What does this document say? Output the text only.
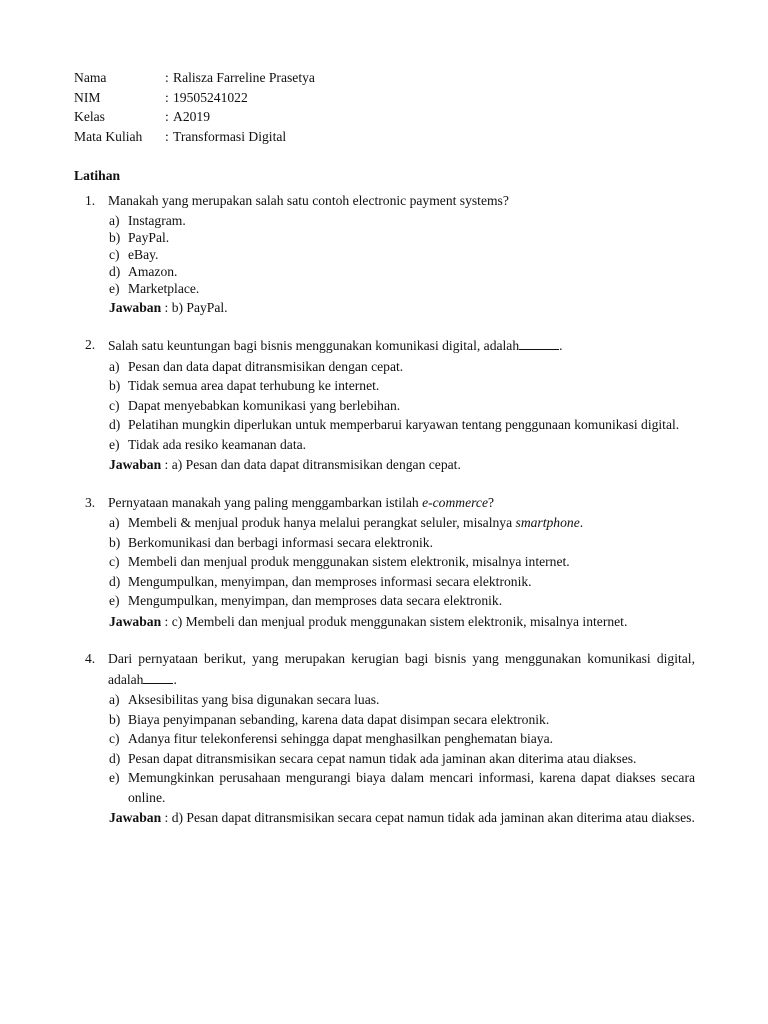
Nama	: Ralisza Farreline Prasetya
NIM	: 19505241022
Kelas	: A2019
Mata Kuliah	: Transformasi Digital
Latihan
1. Manakah yang merupakan salah satu contoh electronic payment systems?
a) Instagram.
b) PayPal.
c) eBay.
d) Amazon.
e) Marketplace.
Jawaban : b) PayPal.
2. Salah satu keuntungan bagi bisnis menggunakan komunikasi digital, adalah	.
a) Pesan dan data dapat ditransmisikan dengan cepat.
b) Tidak semua area dapat terhubung ke internet.
c) Dapat menyebabkan komunikasi yang berlebihan.
d) Pelatihan mungkin diperlukan untuk memperbarui karyawan tentang penggunaan komunikasi digital.
e) Tidak ada resiko keamanan data.
Jawaban : a) Pesan dan data dapat ditransmisikan dengan cepat.
3. Pernyataan manakah yang paling menggambarkan istilah e-commerce?
a) Membeli & menjual produk hanya melalui perangkat seluler, misalnya smartphone.
b) Berkomunikasi dan berbagi informasi secara elektronik.
c) Membeli dan menjual produk menggunakan sistem elektronik, misalnya internet.
d) Mengumpulkan, menyimpan, dan memproses informasi secara elektronik.
e) Mengumpulkan, menyimpan, dan memproses data secara elektronik.
Jawaban : c) Membeli dan menjual produk menggunakan sistem elektronik, misalnya internet.
4. Dari pernyataan berikut, yang merupakan kerugian bagi bisnis yang menggunakan komunikasi digital, adalah .
a) Aksesibilitas yang bisa digunakan secara luas.
b) Biaya penyimpanan sebanding, karena data dapat disimpan secara elektronik.
c) Adanya fitur telekonferensi sehingga dapat menghasilkan penghematan biaya.
d) Pesan dapat ditransmisikan secara cepat namun tidak ada jaminan akan diterima atau diakses.
e) Memungkinkan perusahaan mengurangi biaya dalam mencari informasi, karena dapat diakses secara online.
Jawaban : d) Pesan dapat ditransmisikan secara cepat namun tidak ada jaminan akan diterima atau diakses.
